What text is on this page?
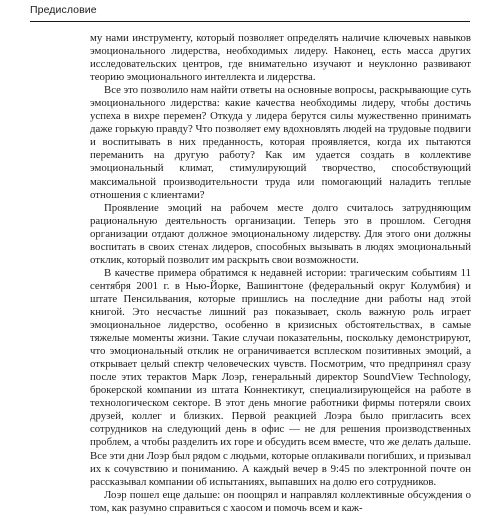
Предисловие

му нами инструменту, который позволяет определять наличие ключевых навыков эмоционального лидерства, необходимых лидеру. Наконец, есть масса других исследовательских центров, где внимательно изучают и неуклонно развивают теорию эмоционального интеллекта и лидерства.

Все это позволило нам найти ответы на основные вопросы, раскрывающие суть эмоционального лидерства: какие качества необходимы лидеру, чтобы достичь успеха в вихре перемен? Откуда у лидера берутся силы мужественно принимать даже горькую правду? Что позволяет ему вдохновлять людей на трудовые подвиги и воспитывать в них преданность, которая проявляется, когда их пытаются переманить на другую работу? Как им удается создать в коллективе эмоциональный климат, стимулирующий творчество, способствующий максимальной производительности труда или помогающий наладить теплые отношения с клиентами?

Проявление эмоций на рабочем месте долго считалось затрудняющим рациональную деятельность организации. Теперь это в прошлом. Сегодня организации отдают должное эмоциональному лидерству. Для этого они должны воспитать в своих стенах лидеров, способных вызывать в людях эмоциональный отклик, который позволит им раскрыть свои возможности.

В качестве примера обратимся к недавней истории: трагическим событиям 11 сентября 2001 г. в Нью-Йорке, Вашингтоне (федеральный округ Колумбия) и штате Пенсильвания, которые пришлись на последние дни работы над этой книгой. Это несчастье лишний раз показывает, сколь важную роль играет эмоциональное лидерство, особенно в кризисных обстоятельствах, в самые тяжелые моменты жизни. Такие случаи показательны, поскольку демонстрируют, что эмоциональный отклик не ограничивается всплеском позитивных эмоций, а открывает целый спектр человеческих чувств. Посмотрим, что предпринял сразу после этих терактов Марк Лоэр, генеральный директор SoundView Technology, брокерской компании из штата Коннектикут, специализирующейся на работе в технологическом секторе. В этот день многие работники фирмы потеряли своих друзей, коллег и близких. Первой реакцией Лоэра было пригласить всех сотрудников на следующий день в офис — не для решения производственных проблем, а чтобы разделить их горе и обсудить всем вместе, что же делать дальше. Все эти дни Лоэр был рядом с людьми, которые оплакивали погибших, и призывал их к сочувствию и пониманию. А каждый вечер в 9:45 по электронной почте он рассказывал компании об испытаниях, выпавших на долю его сотрудников.

Лоэр пошел еще дальше: он поощрял и направлял коллективные обсуждения о том, как разумно справиться с хаосом и помочь всем и каж-
